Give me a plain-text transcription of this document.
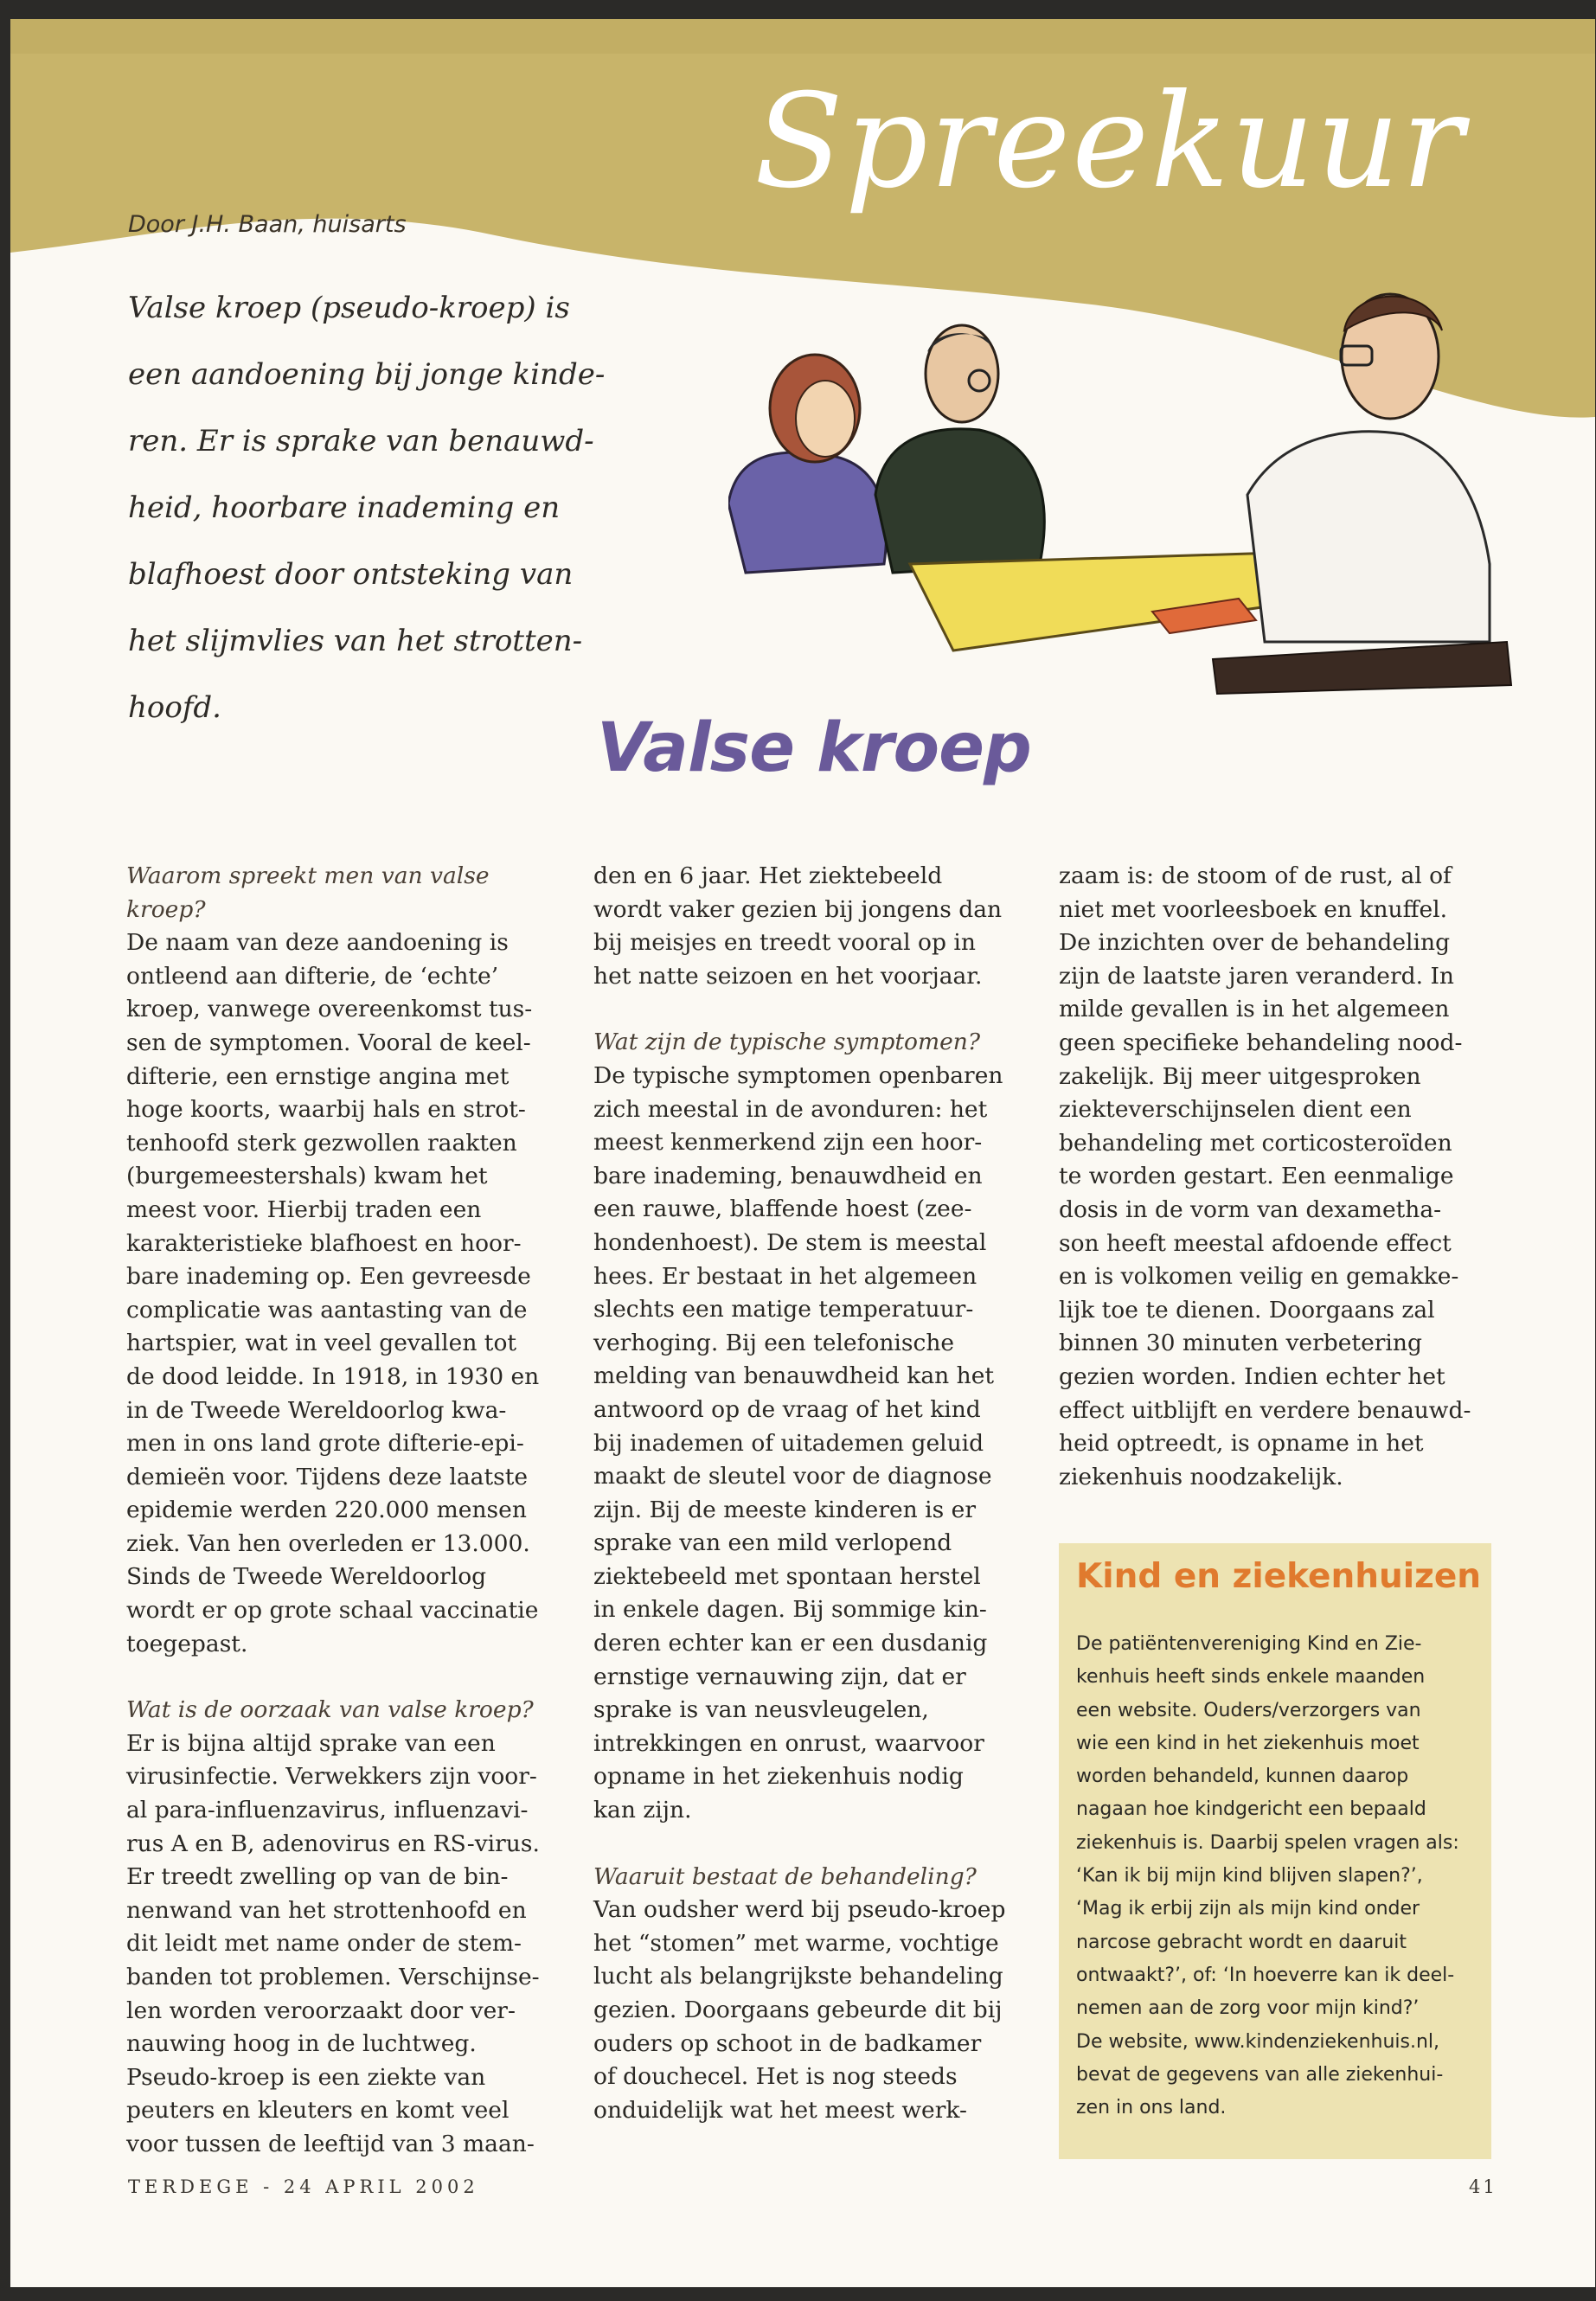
Spreekuur
Door J.H. Baan, huisarts
Valse kroep (pseudo-kroep) is
een aandoening bij jonge kinde-
ren. Er is sprake van benauwd-
heid, hoorbare inademing en
blafhoest door ontsteking van
het slijmvlies van het strotten-
hoofd.
Valse kroep

Waarom spreekt men van valse kroep?

De naam van deze aandoening is

ontleend aan difterie, de ‘echte’

kroep, vanwege overeenkomst tus-

sen de symptomen. Vooral de keel-

difterie, een ernstige angina met

hoge koorts, waarbij hals en strot-

tenhoofd sterk gezwollen raakten

(burgemeestershals) kwam het

meest voor. Hierbij traden een

karakteristieke blafhoest en hoor-

bare inademing op. Een gevreesde

complicatie was aantasting van de

hartspier, wat in veel gevallen tot

de dood leidde. In 1918, in 1930 en

in de Tweede Wereldoorlog kwa-

men in ons land grote difterie-epi-

demieën voor. Tijdens deze laatste

epidemie werden 220.000 mensen

ziek. Van hen overleden er 13.000.

Sinds de Tweede Wereldoorlog

wordt er op grote schaal vaccinatie

toegepast.

Wat is de oorzaak van valse kroep?

Er is bijna altijd sprake van een

virusinfectie. Verwekkers zijn voor-

al para-influenzavirus, influenzavi-

rus A en B, adenovirus en RS-virus.

Er treedt zwelling op van de bin-

nenwand van het strottenhoofd en

dit leidt met name onder de stem-

banden tot problemen. Verschijnse-

len worden veroorzaakt door ver-

nauwing hoog in de luchtweg.

Pseudo-kroep is een ziekte van

peuters en kleuters en komt veel

voor tussen de leeftijd van 3 maan-

den en 6 jaar. Het ziektebeeld

wordt vaker gezien bij jongens dan

bij meisjes en treedt vooral op in

het natte seizoen en het voorjaar.

Wat zijn de typische symptomen?

De typische symptomen openbaren

zich meestal in de avonduren: het

meest kenmerkend zijn een hoor-

bare inademing, benauwdheid en

een rauwe, blaffende hoest (zee-

hondenhoest). De stem is meestal

hees. Er bestaat in het algemeen

slechts een matige temperatuur-

verhoging. Bij een telefonische

melding van benauwdheid kan het

antwoord op de vraag of het kind

bij inademen of uitademen geluid

maakt de sleutel voor de diagnose

zijn. Bij de meeste kinderen is er

sprake van een mild verlopend

ziektebeeld met spontaan herstel

in enkele dagen. Bij sommige kin-

deren echter kan er een dusdanig

ernstige vernauwing zijn, dat er

sprake is van neusvleugelen,

intrekkingen en onrust, waarvoor

opname in het ziekenhuis nodig

kan zijn.

Waaruit bestaat de behandeling?

Van oudsher werd bij pseudo-kroep

het “stomen” met warme, vochtige

lucht als belangrijkste behandeling

gezien. Doorgaans gebeurde dit bij

ouders op schoot in de badkamer

of douchecel. Het is nog steeds

onduidelijk wat het meest werk-

zaam is: de stoom of de rust, al of

niet met voorleesboek en knuffel.

De inzichten over de behandeling

zijn de laatste jaren veranderd. In

milde gevallen is in het algemeen

geen specifieke behandeling nood-

zakelijk. Bij meer uitgesproken

ziekteverschijnselen dient een

behandeling met corticosteroïden

te worden gestart. Een eenmalige

dosis in de vorm van dexametha-

son heeft meestal afdoende effect

en is volkomen veilig en gemakke-

lijk toe te dienen. Doorgaans zal

binnen 30 minuten verbetering

gezien worden. Indien echter het

effect uitblijft en verdere benauwd-

heid optreedt, is opname in het

ziekenhuis noodzakelijk.

Kind en ziekenhuizen
De patiëntenvereniging Kind en Zie-
kenhuis heeft sinds enkele maanden
een website. Ouders/verzorgers van
wie een kind in het ziekenhuis moet
worden behandeld, kunnen daarop
nagaan hoe kindgericht een bepaald
ziekenhuis is. Daarbij spelen vragen als:
‘Kan ik bij mijn kind blijven slapen?’,
‘Mag ik erbij zijn als mijn kind onder
narcose gebracht wordt en daaruit
ontwaakt?’, of: ‘In hoeverre kan ik deel-
nemen aan de zorg voor mijn kind?’
De website, www.kindenziekenhuis.nl,
bevat de gegevens van alle ziekenhui-
zen in ons land.
TERDEGE - 24 APRIL 2002	41
